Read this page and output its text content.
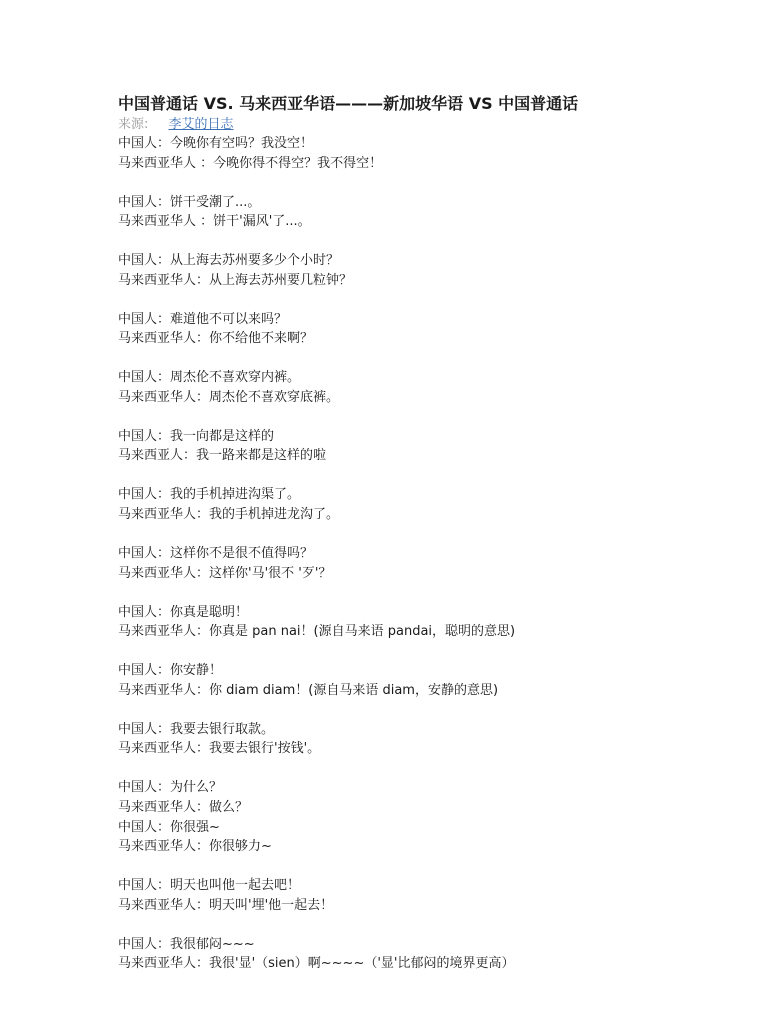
中国普通话 VS. 马来西亚华语———新加坡华语 VS 中国普通话
来源: 李艾的日志
中国人：今晚你有空吗？我没空！
马来西亚华人 ：今晚你得不得空？我不得空！
中国人：饼干受潮了...。
马来西亚华人 ：饼干'漏风'了...。
中国人：从上海去苏州要多少个小时？
马来西亚华人：从上海去苏州要几粒钟？
中国人：难道他不可以来吗？
马来西亚华人：你不给他不来啊？
中国人：周杰伦不喜欢穿内裤。
马来西亚华人：周杰伦不喜欢穿底裤。
中国人：我一向都是这样的
马来西亚人：我一路来都是这样的啦
中国人：我的手机掉进沟渠了。
马来西亚华人：我的手机掉进龙沟了。
中国人：这样你不是很不值得吗？
马来西亚华人：这样你'马'很不 '歹'？
中国人：你真是聪明！
马来西亚华人：你真是 pan nai！(源自马来语 pandai，聪明的意思)
中国人：你安静！
马来西亚华人：你 diam diam！(源自马来语 diam，安静的意思)
中国人：我要去银行取款。
马来西亚华人：我要去银行'按钱'。
中国人：为什么？
马来西亚华人：做么？
中国人：你很强~
马来西亚华人：你很够力~
中国人：明天也叫他一起去吧！
马来西亚华人：明天叫'埋'他一起去！
中国人：我很郁闷~~~
马来西亚华人：我很'显'（sien）啊~~~~（'显'比郁闷的境界更高）
